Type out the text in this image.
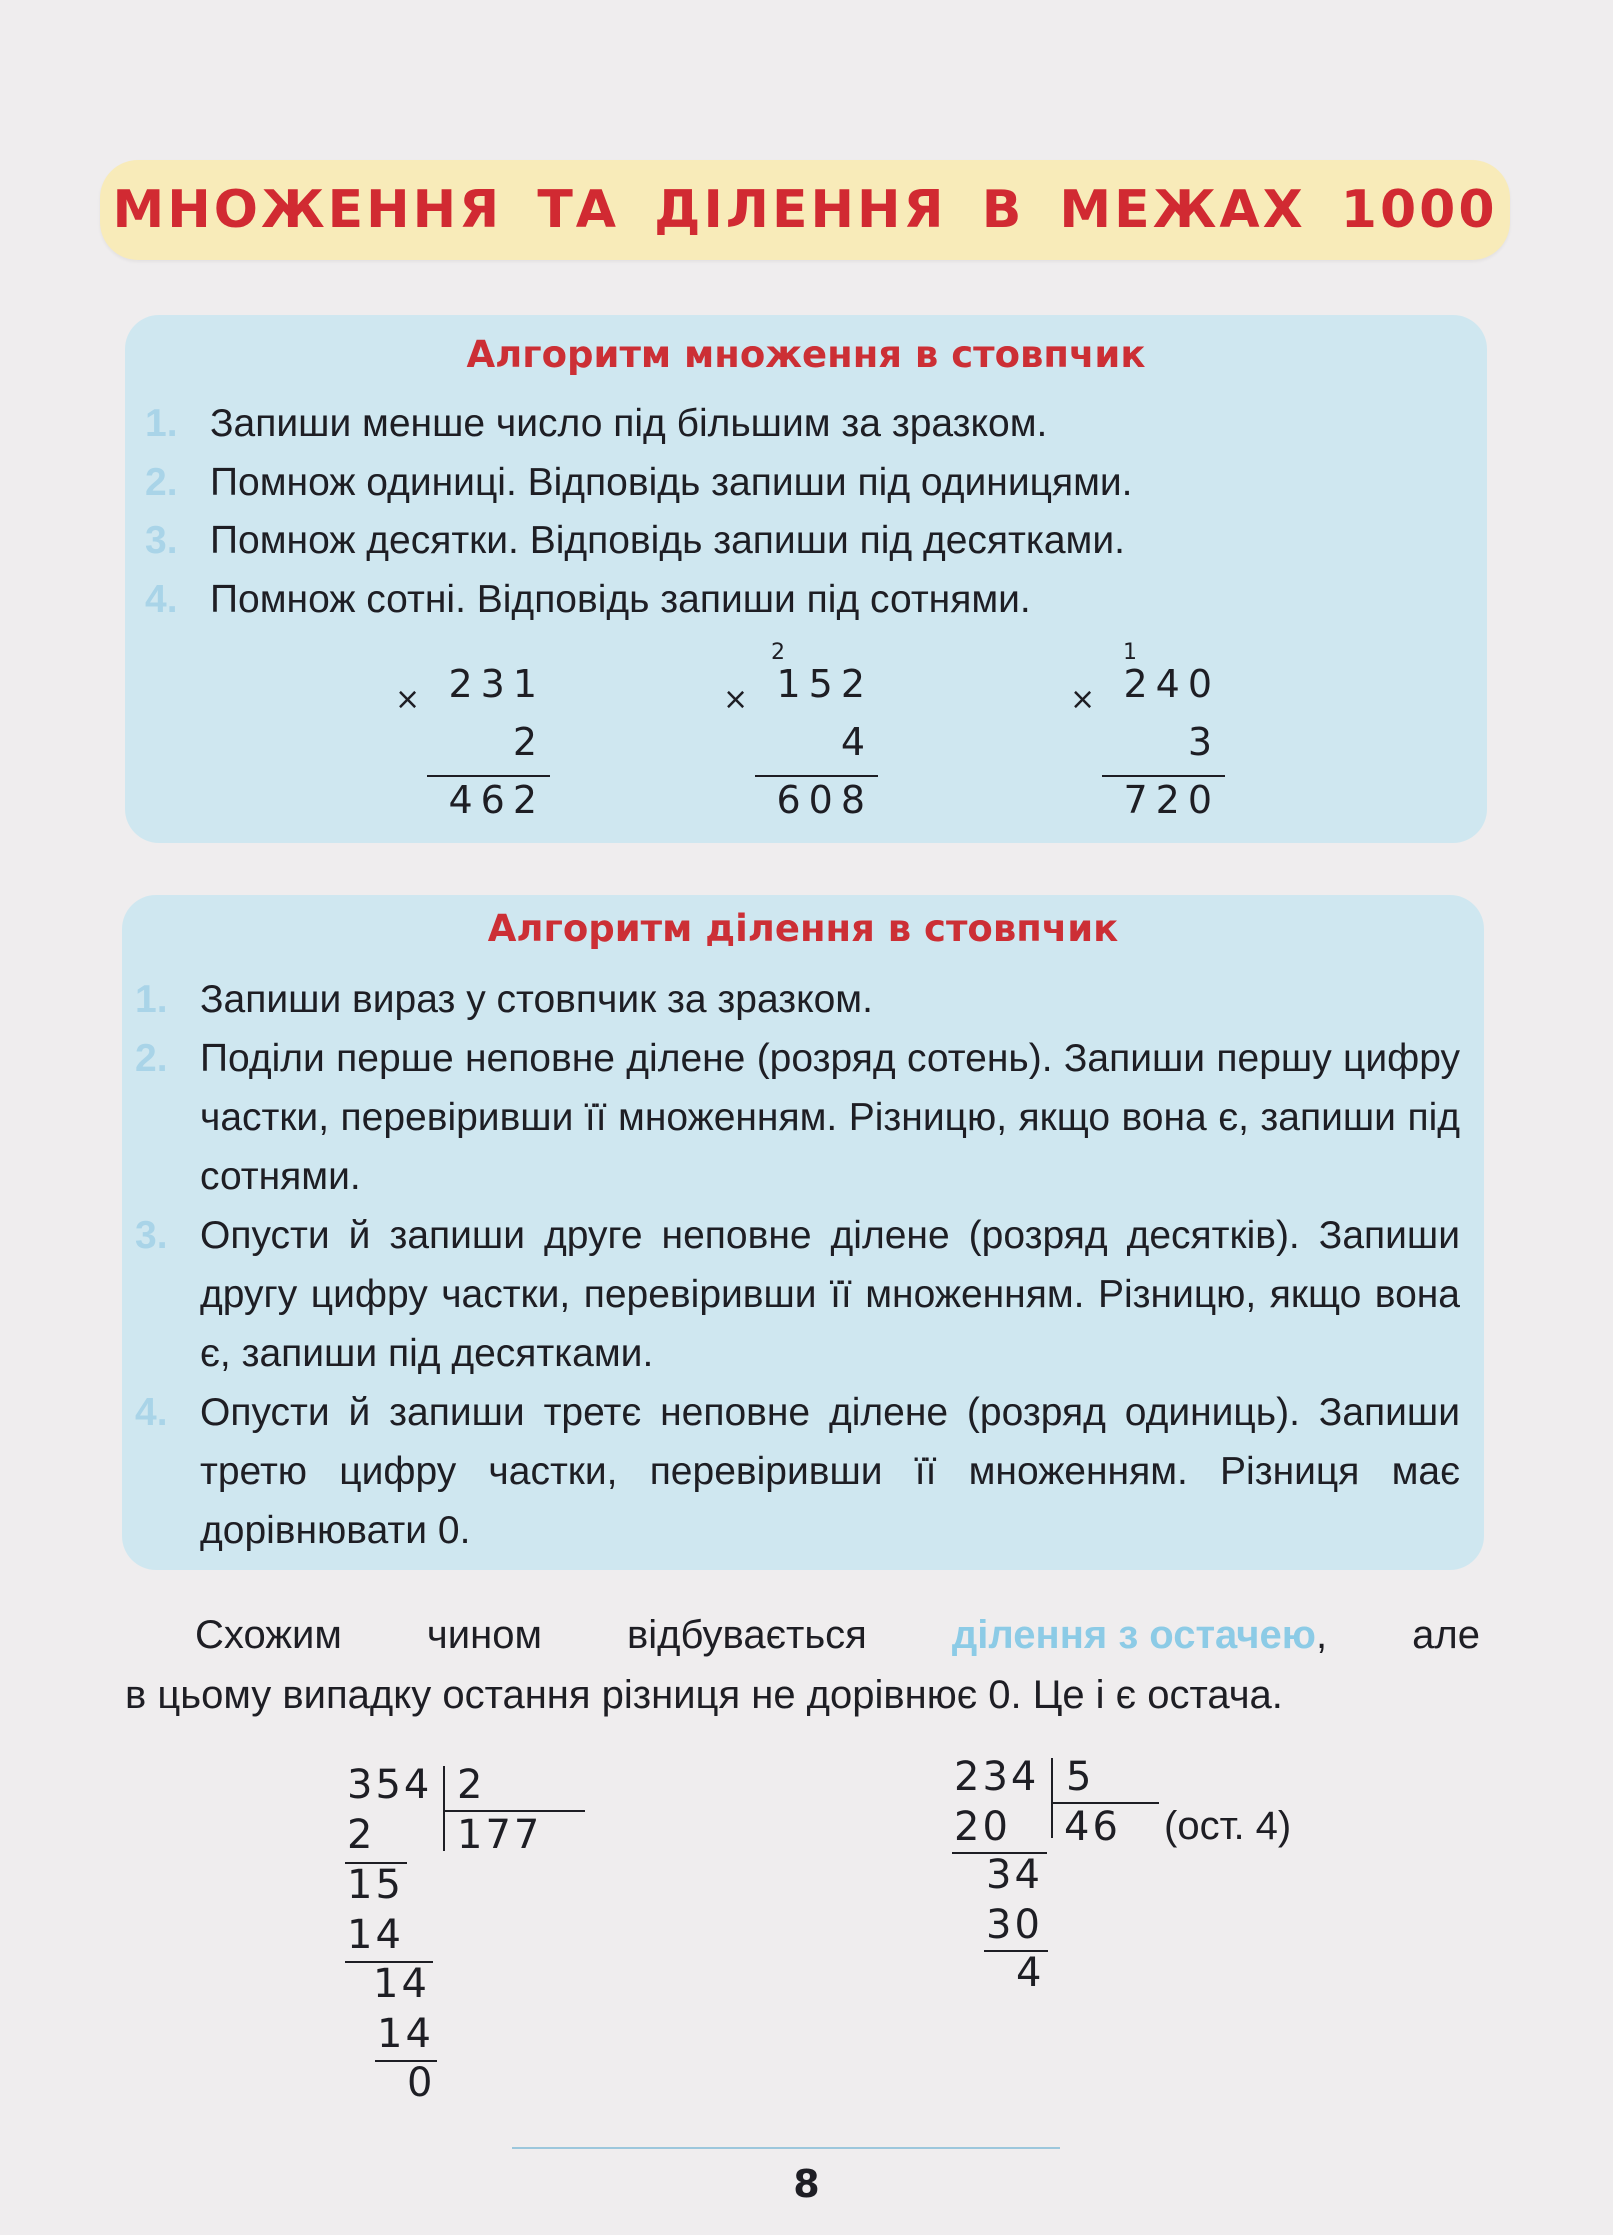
МНОЖЕННЯ ТА ДІЛЕННЯ В МЕЖАХ 1000
Алгоритм множення в стовпчик
1. Запиши менше число під більшим за зразком.
2. Помнож одиниці. Відповідь запиши під одиницями.
3. Помнож десятки. Відповідь запиши під десятками.
4. Помнож сотні. Відповідь запиши під сотнями.
× 231
2
462
2
× 152
4
608
1
× 240
3
720
Алгоритм ділення в стовпчик
1. Запиши вираз у стовпчик за зразком.
2. Поділи перше неповне ділене (розряд сотень). Запиши першу цифру частки, перевіривши її множенням. Різницю, якщо вона є, запиши під сотнями.
3. Опусти й запиши друге неповне ділене (розряд десятків). Запиши другу цифру частки, перевіривши її множенням. Різницю, якщо вона є, запиши під десятками.
4. Опусти й запиши третє неповне ділене (розряд одиниць). Запиши третю цифру частки, перевіривши її множенням. Різниця має дорівнювати 0.
Схожим чином відбувається ділення з остачею, але
в цьому випадку остання різниця не дорівнює 0. Це і є остача.
354 2
177
2
15
14
14
14
0
234 5
46 (ост. 4)
20
34
30
4
8
